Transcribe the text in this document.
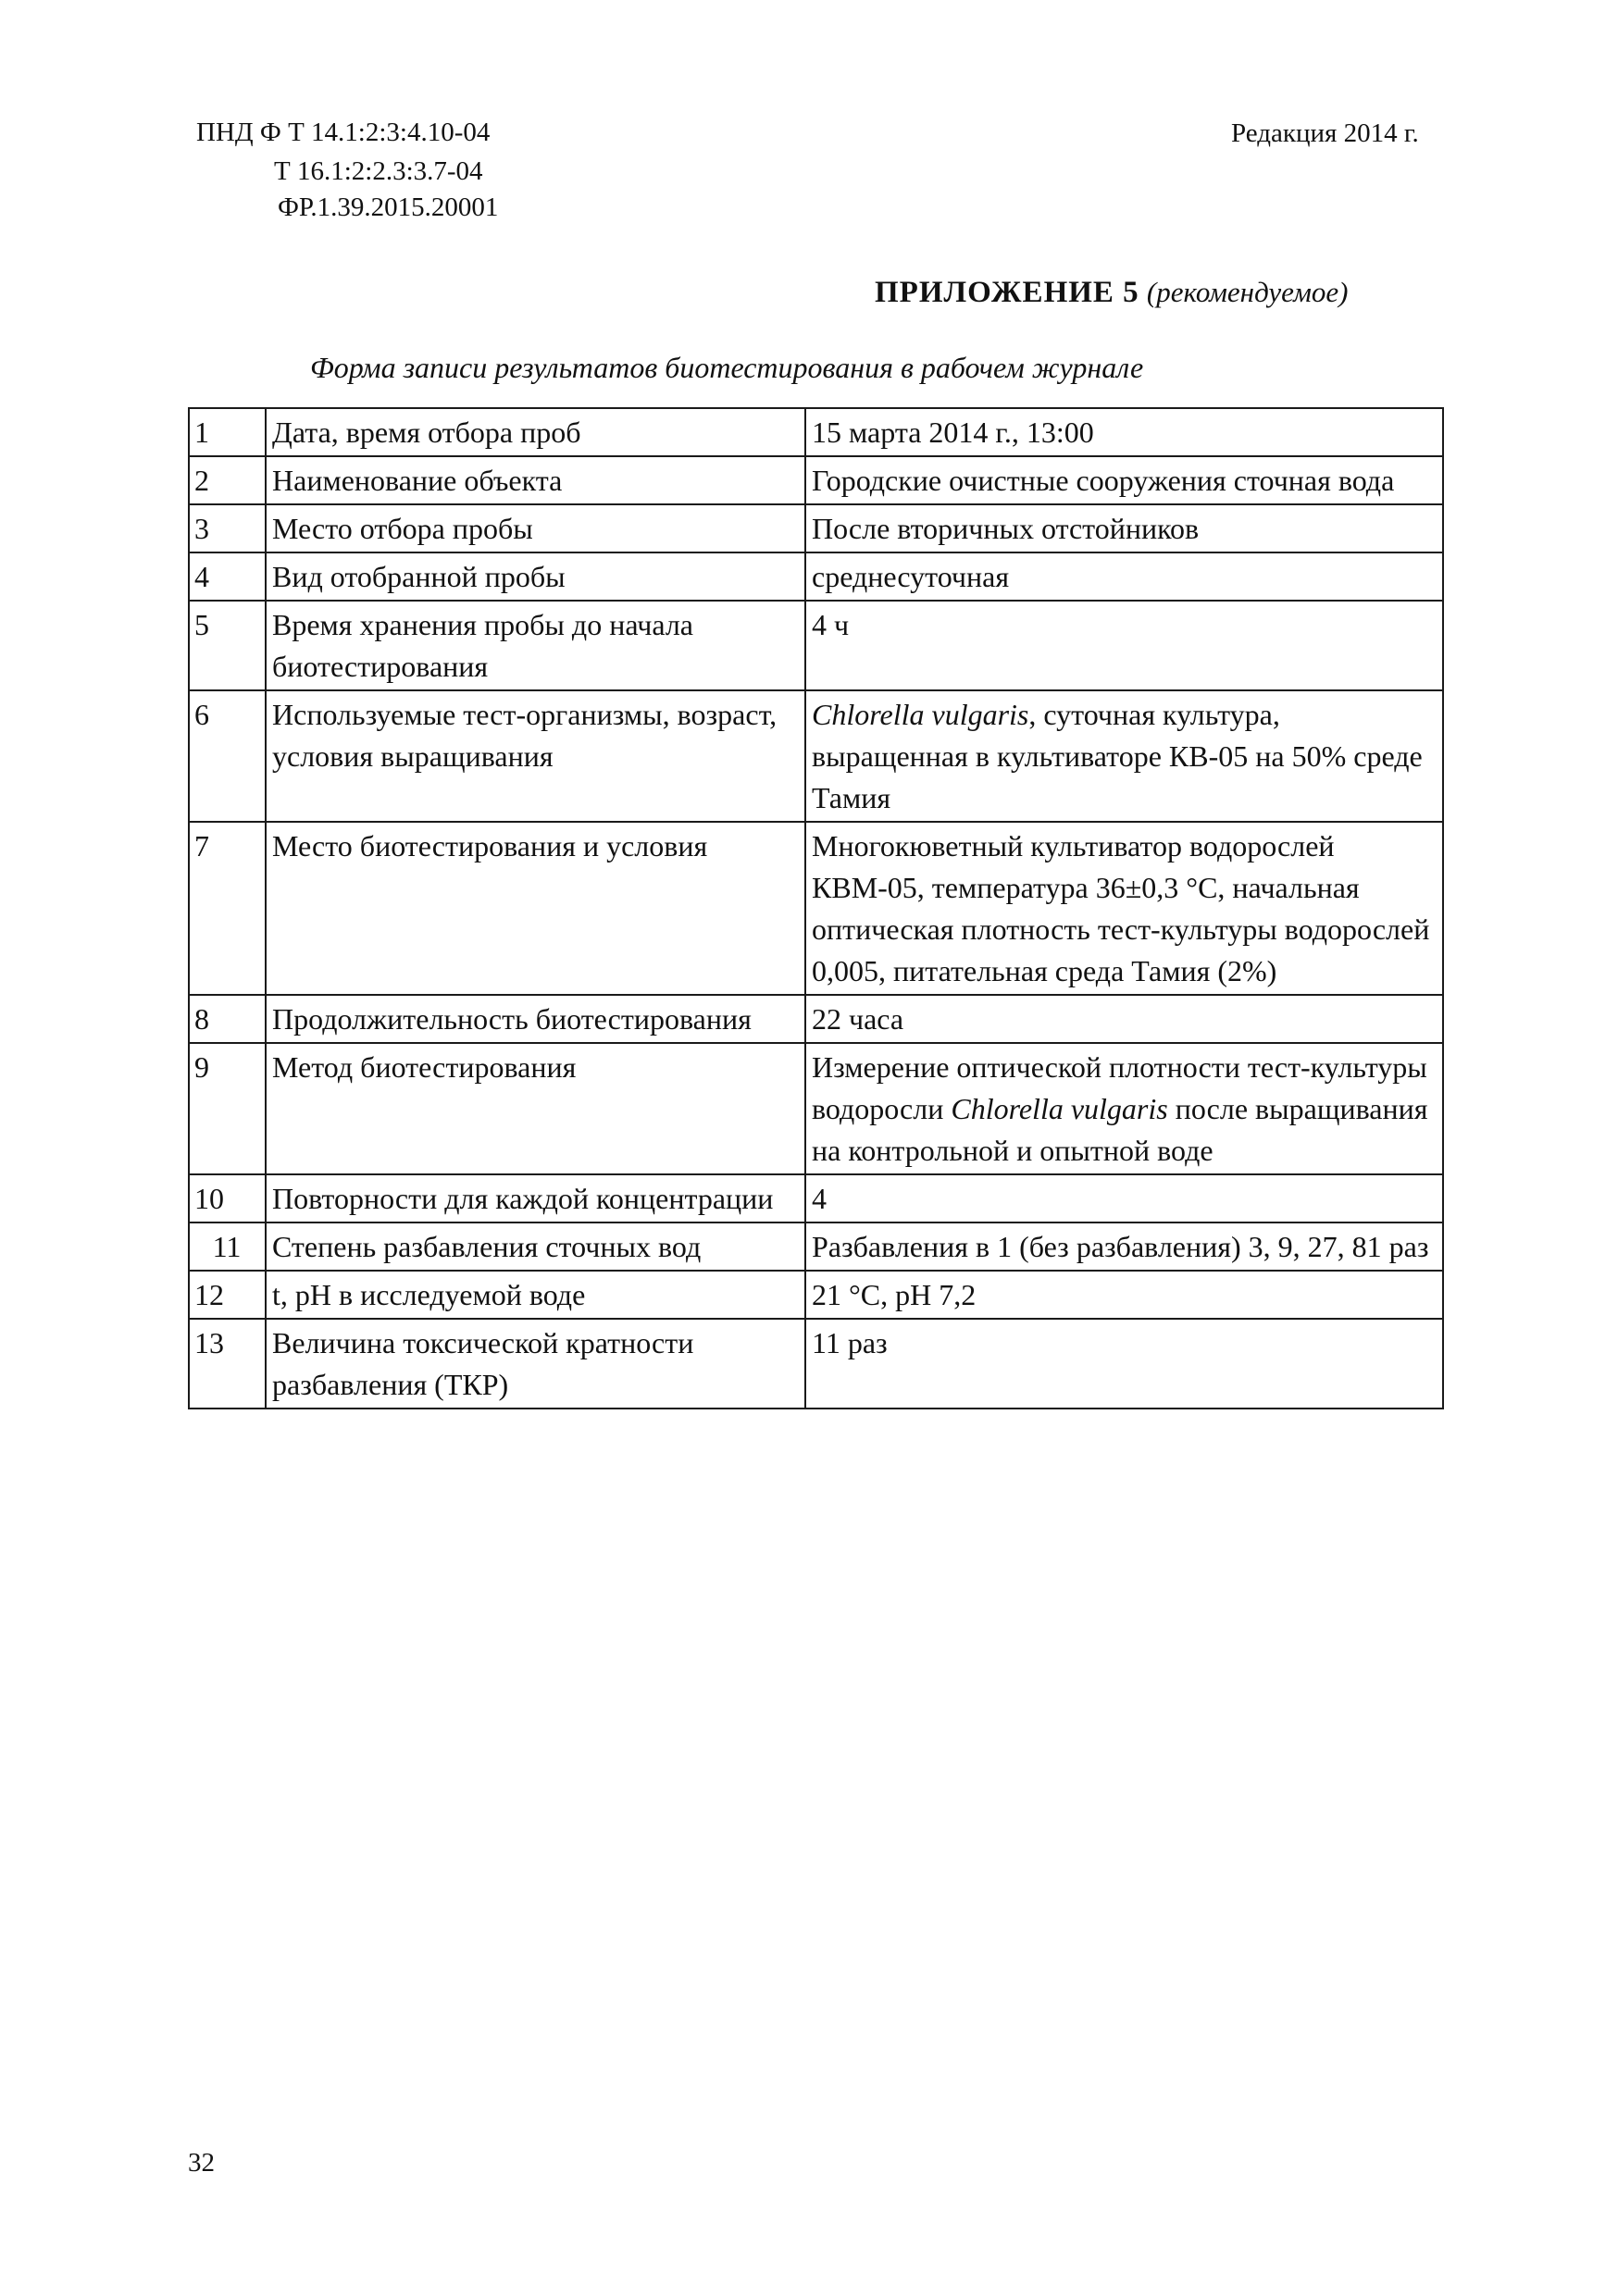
ПНД Ф Т 14.1:2:3:4.10-04
Т 16.1:2:2.3:3.7-04
ФР.1.39.2015.20001
Редакция 2014 г.
ПРИЛОЖЕНИЕ 5 (рекомендуемое)
Форма записи результатов биотестирования в рабочем журнале
1	Дата, время отбора проб	15 марта 2014 г., 13:00
2	Наименование объекта	Городские очистные сооружения сточная вода
3	Место отбора пробы	После вторичных отстойников
4	Вид отобранной пробы	среднесуточная
5	Время хранения пробы до начала биотестирования	4 ч
6	Используемые тест-организмы, возраст, условия выращивания	Chlorella vulgaris, суточная культура, выращенная в культиваторе КВ-05 на 50% среде Тамия
7	Место биотестирования и условия	Многокюветный культиватор водорослей КВМ-05, температура 36±0,3 °С, начальная оптическая плотность тест-культуры водорослей 0,005, питательная среда Тамия (2%)
8	Продолжительность биотестирования	22 часа
9	Метод биотестирования	Измерение оптической плотности тест-культуры водоросли Chlorella vulgaris после выращивания на контрольной и опытной воде
10	Повторности для каждой концентрации	4
11	Степень разбавления сточных вод	Разбавления в 1 (без разбавления) 3, 9, 27, 81 раз
12	t, pH в исследуемой воде	21 °С, рН 7,2
13	Величина токсической кратности разбавления (ТКР)	11 раз
32
